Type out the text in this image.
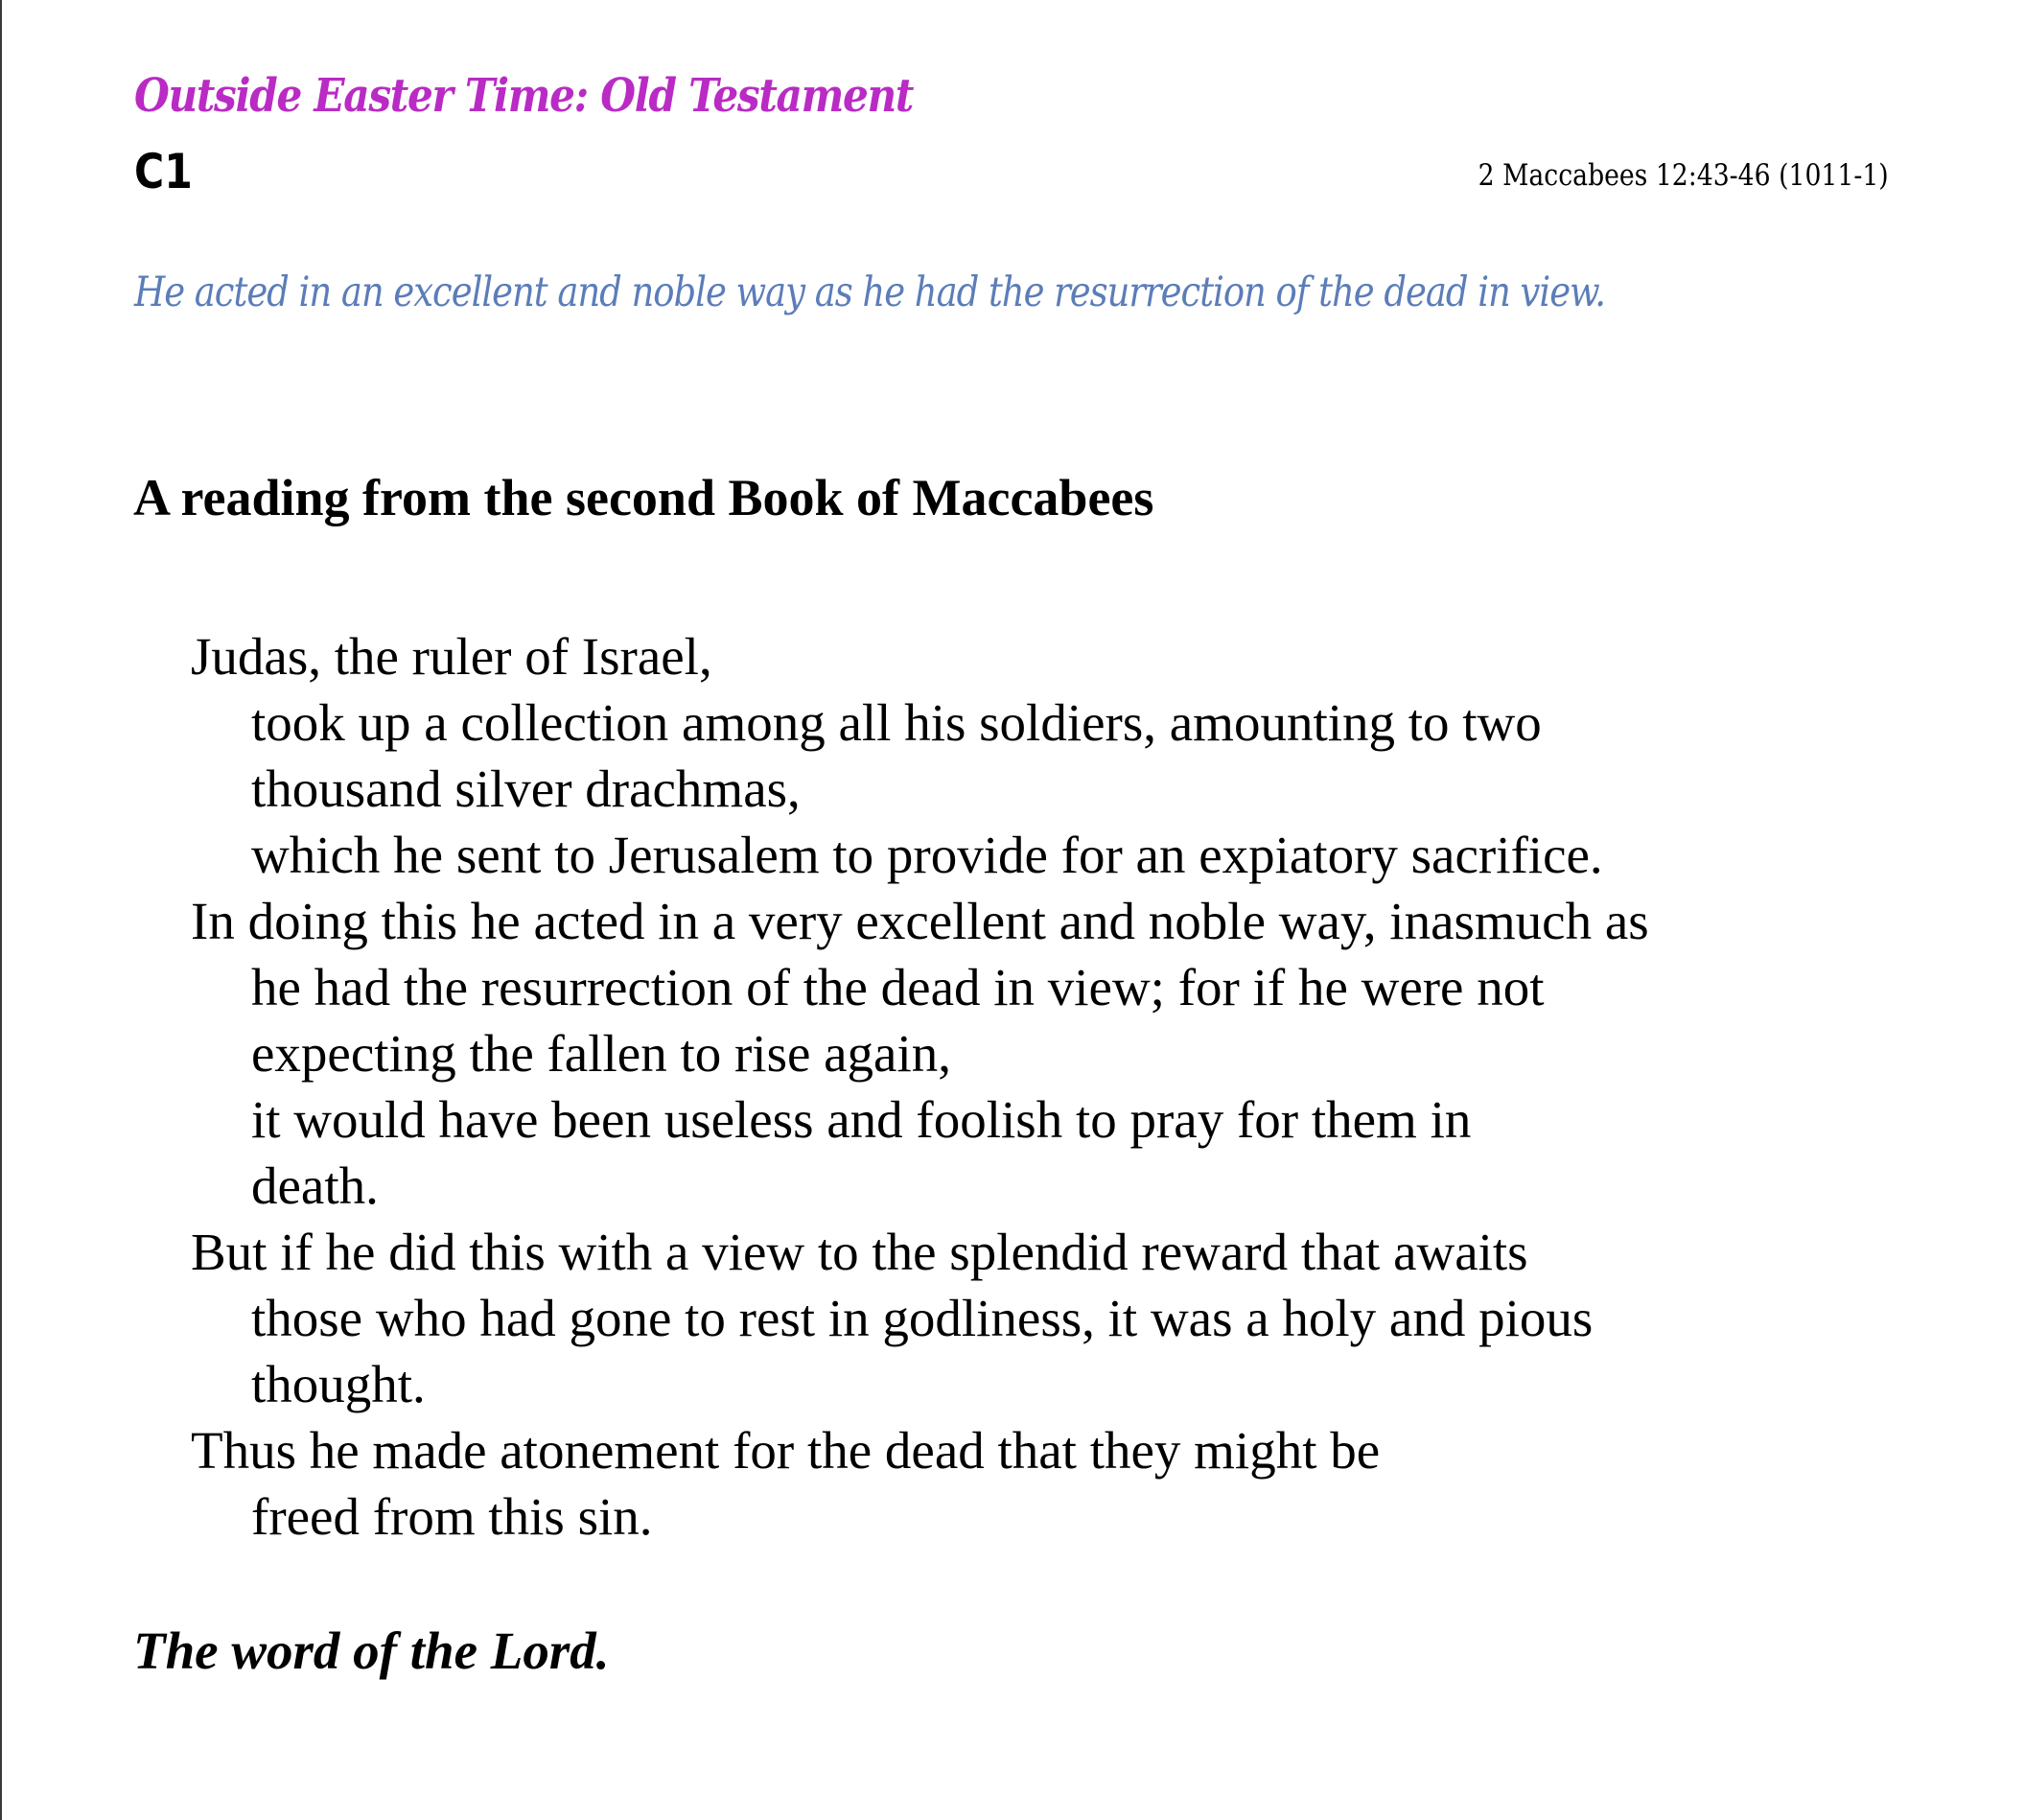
Outside Easter Time: Old Testament
C1	2 Maccabees 12:43-46 (1011-1)
He acted in an excellent and noble way as he had the resurrection of the dead in view.
A reading from the second Book of Maccabees
Judas, the ruler of Israel,
took up a collection among all his soldiers, amounting to two
thousand silver drachmas,
which he sent to Jerusalem to provide for an expiatory sacrifice.
In doing this he acted in a very excellent and noble way, inasmuch as
he had the resurrection of the dead in view; for if he were not
expecting the fallen to rise again,
it would have been useless and foolish to pray for them in
death.
But if he did this with a view to the splendid reward that awaits
those who had gone to rest in godliness, it was a holy and pious
thought.
Thus he made atonement for the dead that they might be
freed from this sin.
The word of the Lord.
